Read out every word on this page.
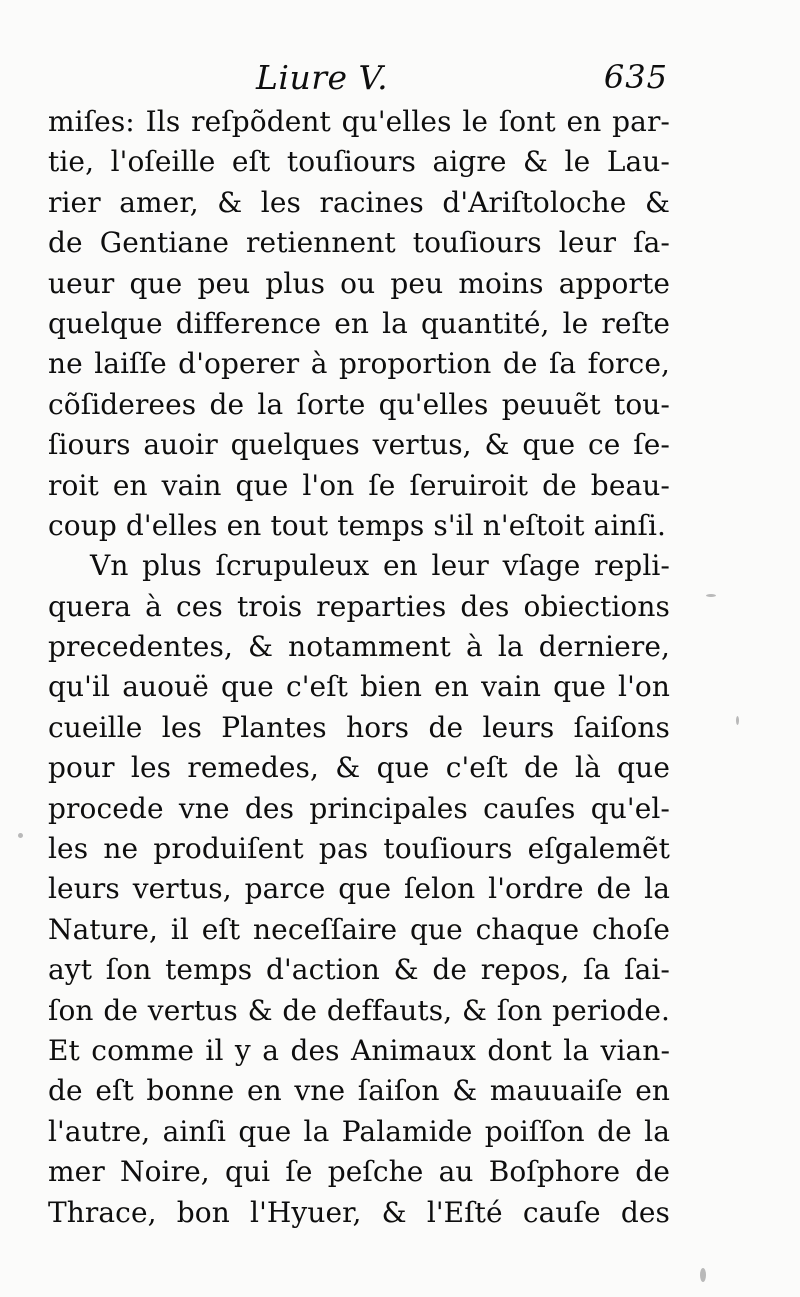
Liure V.	635
miſes: Ils reſpõdent qu'elles le ſont en par-
tie, l'oſeille eſt touſiours aigre & le Lau-
rier amer, & les racines d'Ariſtoloche &
de Gentiane retiennent touſiours leur ſa-
ueur que peu plus ou peu moins apporte
quelque difference en la quantité, le reſte
ne laiſſe d'operer à proportion de ſa force,
cõſiderees de la ſorte qu'elles peuuẽt tou-
ſiours auoir quelques vertus, & que ce ſe-
roit en vain que l'on ſe ſeruiroit de beau-
coup d'elles en tout temps s'il n'eſtoit ainſi.
Vn plus ſcrupuleux en leur vſage repli-
quera à ces trois reparties des obiections
precedentes, & notamment à la derniere,
qu'il auouë que c'eſt bien en vain que l'on
cueille les Plantes hors de leurs ſaiſons
pour les remedes, & que c'eſt de là que
procede vne des principales cauſes qu'el-
les ne produiſent pas touſiours eſgalemẽt
leurs vertus, parce que ſelon l'ordre de la
Nature, il eſt neceſſaire que chaque choſe
ayt ſon temps d'action & de repos, ſa ſai-
ſon de vertus & de deffauts, & ſon periode.
Et comme il y a des Animaux dont la vian-
de eſt bonne en vne ſaiſon & mauuaiſe en
l'autre, ainſi que la Palamide poiſſon de la
mer Noire, qui ſe peſche au Boſphore de
Thrace, bon l'Hyuer, & l'Eſté cauſe des
